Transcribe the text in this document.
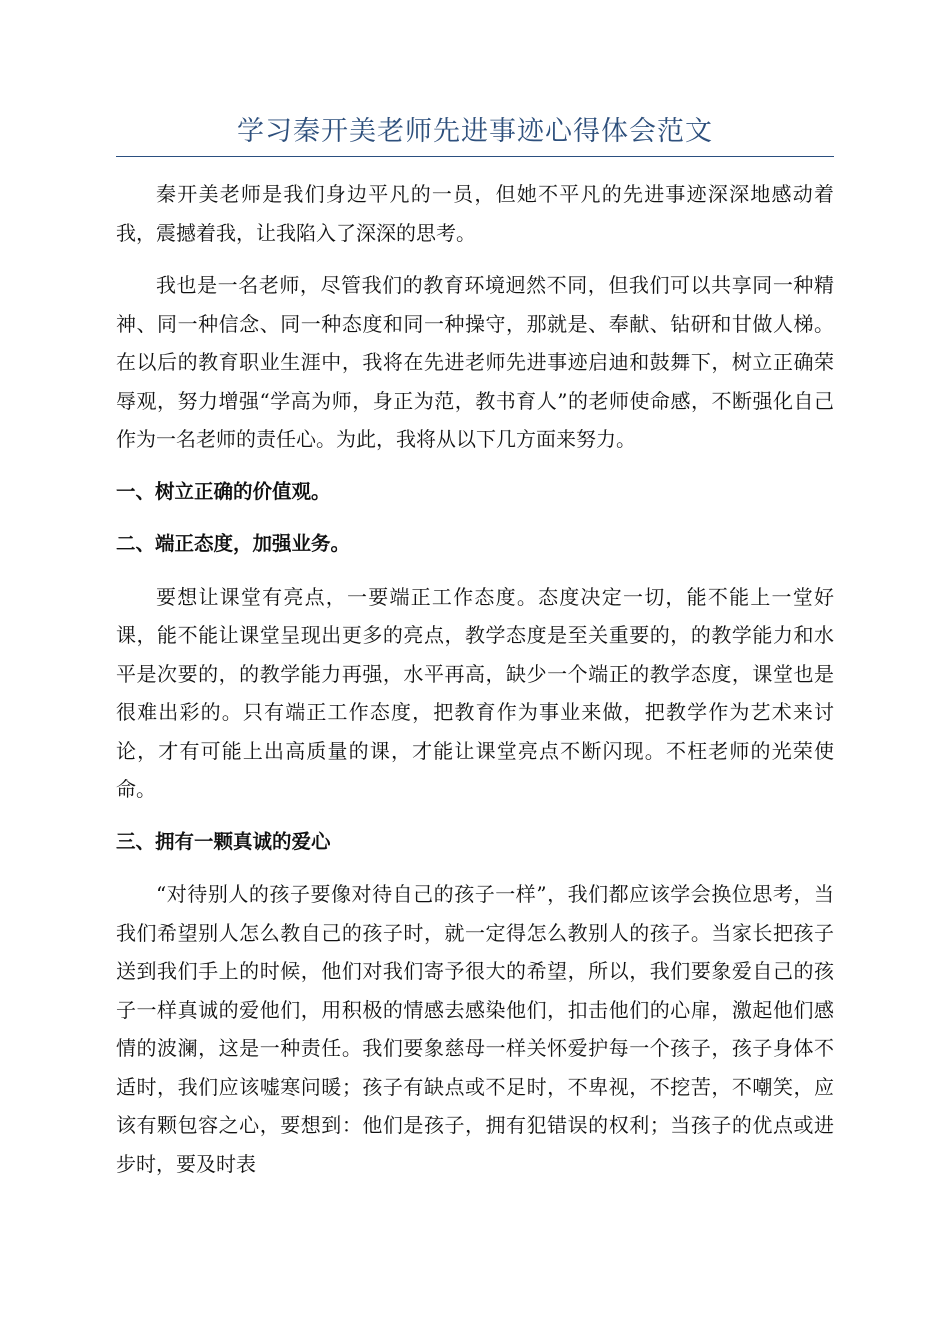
学习秦开美老师先进事迹心得体会范文

秦开美老师是我们身边平凡的一员，但她不平凡的先进事迹深深地感动着我，震撼着我，让我陷入了深深的思考。

我也是一名老师，尽管我们的教育环境迥然不同，但我们可以共享同一种精神、同一种信念、同一种态度和同一种操守，那就是、奉献、钻研和甘做人梯。在以后的教育职业生涯中，我将在先进老师先进事迹启迪和鼓舞下，树立正确荣辱观，努力增强“学高为师，身正为范，教书育人”的老师使命感，不断强化自己作为一名老师的责任心。为此，我将从以下几方面来努力。

一、树立正确的价值观。

二、端正态度，加强业务。

要想让课堂有亮点，一要端正工作态度。态度决定一切，能不能上一堂好课，能不能让课堂呈现出更多的亮点，教学态度是至关重要的，的教学能力和水平是次要的，的教学能力再强，水平再高，缺少一个端正的教学态度，课堂也是很难出彩的。只有端正工作态度，把教育作为事业来做，把教学作为艺术来讨论，才有可能上出高质量的课，才能让课堂亮点不断闪现。不枉老师的光荣使命。

三、拥有一颗真诚的爱心

“对待别人的孩子要像对待自己的孩子一样”，我们都应该学会换位思考，当我们希望别人怎么教自己的孩子时，就一定得怎么教别人的孩子。当家长把孩子送到我们手上的时候，他们对我们寄予很大的希望，所以，我们要象爱自己的孩子一样真诚的爱他们，用积极的情感去感染他们，扣击他们的心扉，激起他们感情的波澜，这是一种责任。我们要象慈母一样关怀爱护每一个孩子，孩子身体不适时，我们应该嘘寒问暖；孩子有缺点或不足时，不卑视，不挖苦，不嘲笑，应该有颗包容之心，要想到：他们是孩子，拥有犯错误的权利；当孩子的优点或进步时，要及时表
